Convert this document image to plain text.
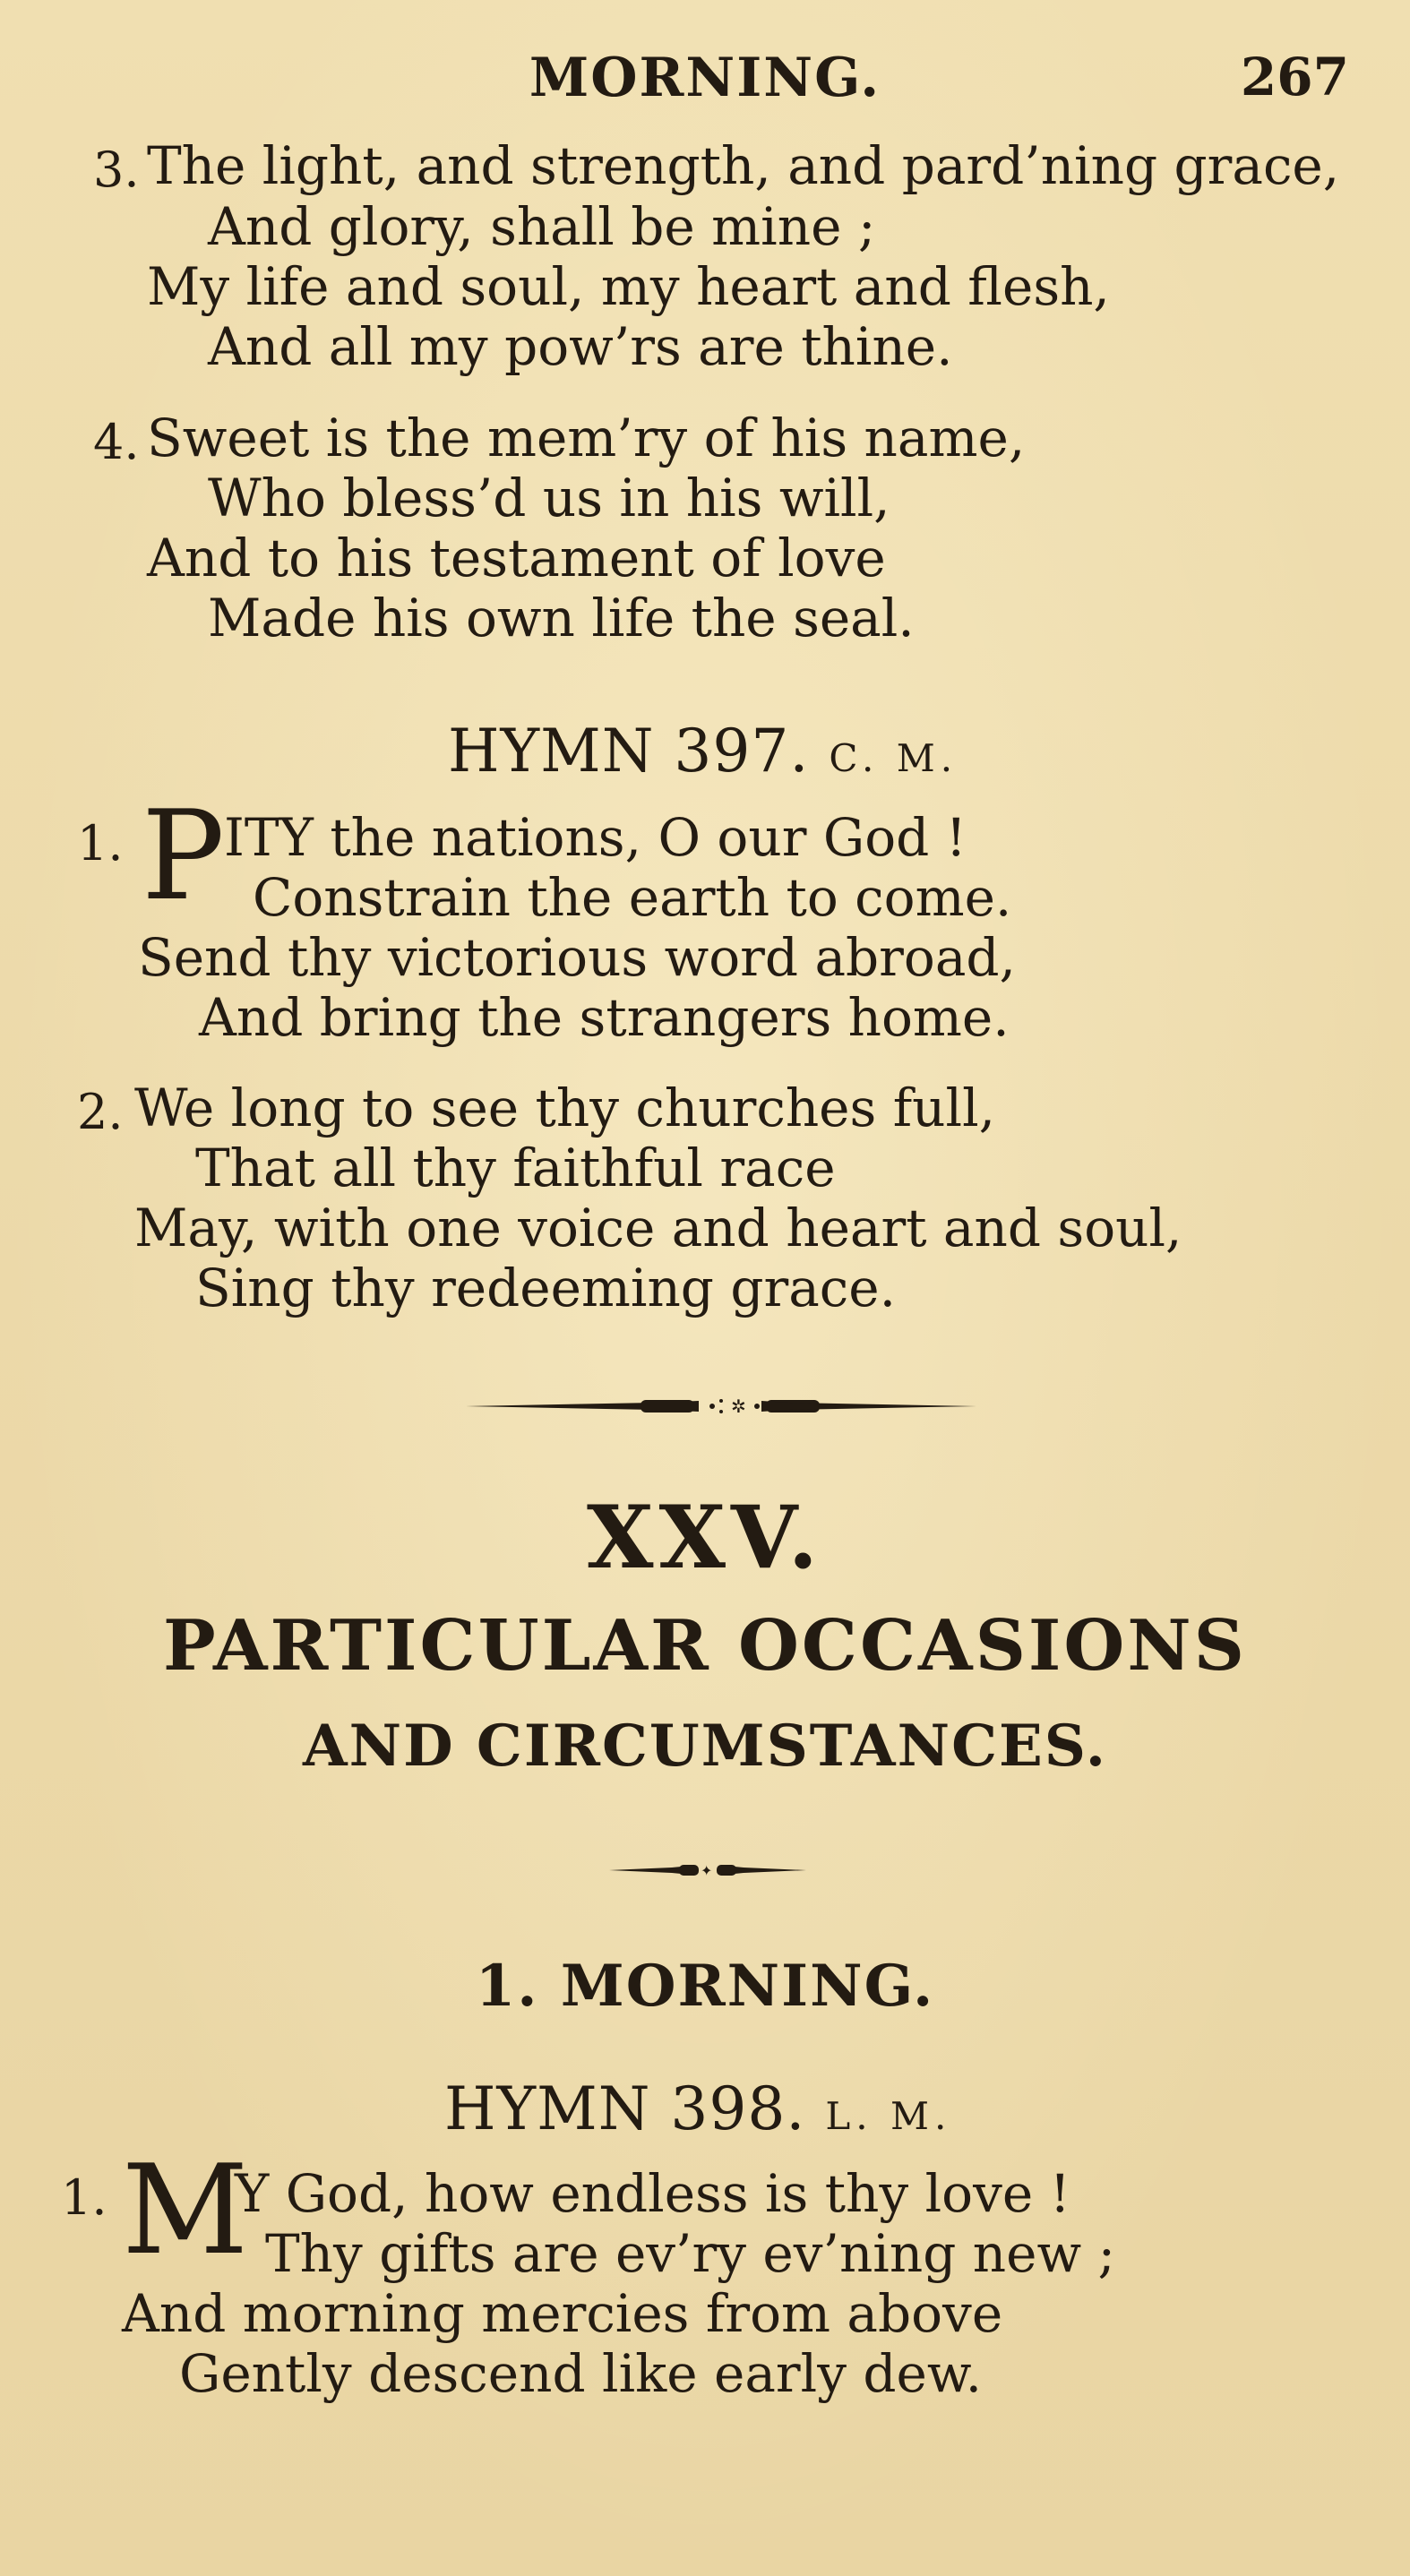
MORNING.	267
3. The light, and strength, and pard’ning grace,
And glory, shall be mine ;
My life and soul, my heart and flesh,
And all my pow’rs are thine.
4. Sweet is the mem’ry of his name,
Who bless’d us in his will,
And to his testament of love
Made his own life the seal.
HYMN 397. C. M.
1. P ITY the nations, O our God !
Constrain the earth to come.
Send thy victorious word abroad,
And bring the strangers home.
2. We long to see thy churches full,
That all thy faithful race
May, with one voice and heart and soul,
Sing thy redeeming grace.
✲
XXV.
PARTICULAR OCCASIONS
AND CIRCUMSTANCES.
✦
1. MORNING.
HYMN 398. L. M.
1. M
Y God, how endless is thy love !
Thy gifts are ev’ry ev’ning new ;
And morning mercies from above
Gently descend like early dew.
